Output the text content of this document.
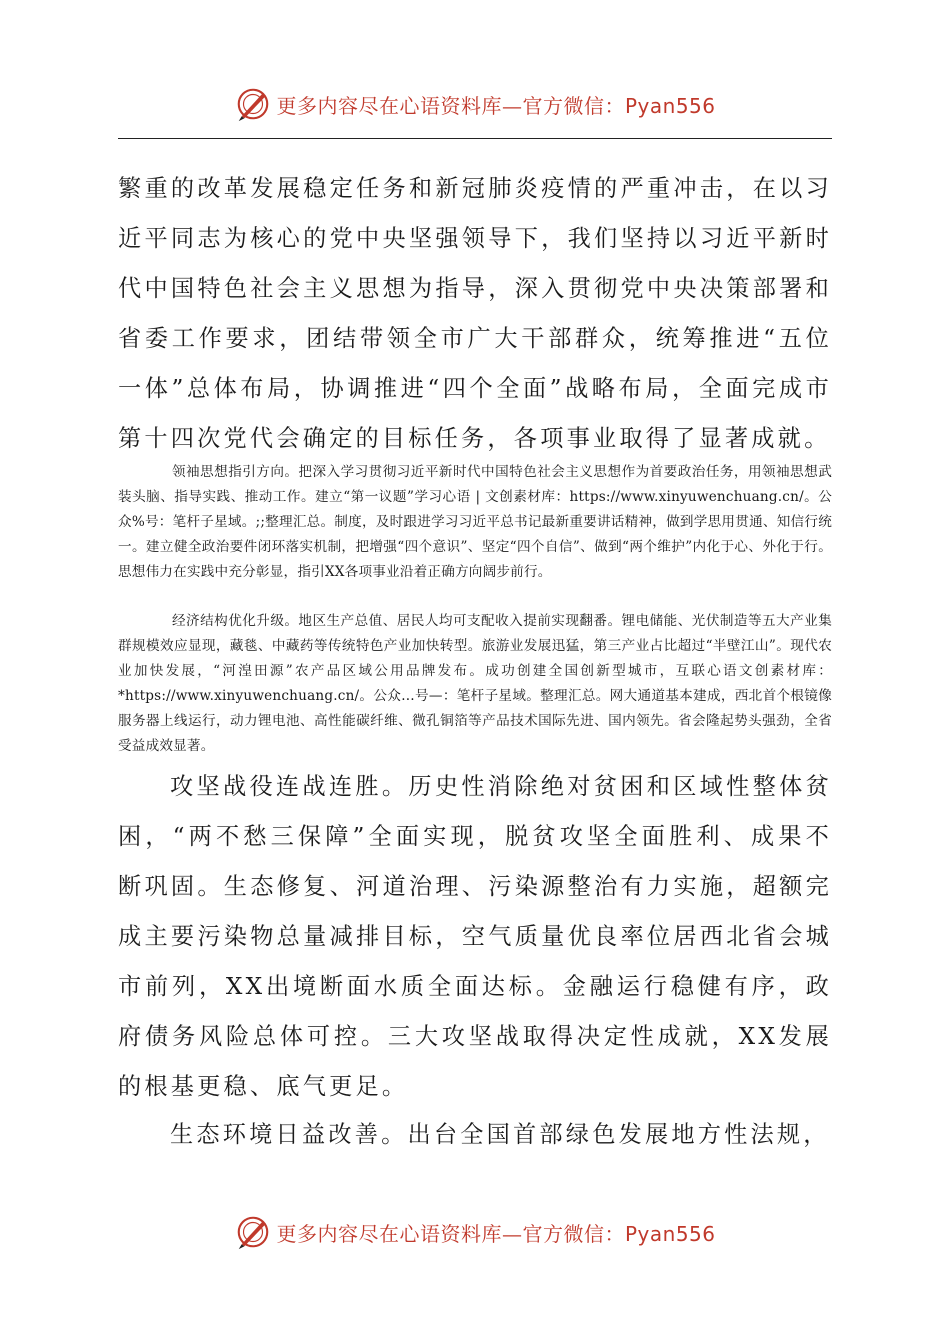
更多内容尽在心语资料库—官方微信：Pyan556

繁重的改革发展稳定任务和新冠肺炎疫情的严重冲击，在以习近平同志为核心的党中央坚强领导下，我们坚持以习近平新时代中国特色社会主义思想为指导，深入贯彻党中央决策部署和省委工作要求，团结带领全市广大干部群众，统筹推进“五位一体”总体布局，协调推进“四个全面”战略布局，全面完成市第十四次党代会确定的目标任务，各项事业取得了显著成就。

领袖思想指引方向。把深入学习贯彻习近平新时代中国特色社会主义思想作为首要政治任务，用领袖思想武装头脑、指导实践、推动工作。建立“第一议题”学习心语 | 文创素材库：https://www.xinyuwenchuang.cn/。公众%号：笔杆子星域。;;整理汇总。制度，及时跟进学习习近平总书记最新重要讲话精神，做到学思用贯通、知信行统一。建立健全政治要件闭环落实机制，把增强“四个意识”、坚定“四个自信”、做到“两个维护”内化于心、外化于行。思想伟力在实践中充分彰显，指引XX各项事业沿着正确方向阔步前行。

经济结构优化升级。地区生产总值、居民人均可支配收入提前实现翻番。锂电储能、光伏制造等五大产业集群规模效应显现，藏毯、中藏药等传统特色产业加快转型。旅游业发展迅猛，第三产业占比超过“半壁江山”。现代农业加快发展，“河湟田源”农产品区域公用品牌发布。成功创建全国创新型城市，互联心语文创素材库：*https://www.xinyuwenchuang.cn/。公众…号—：笔杆子星域。整理汇总。网大通道基本建成，西北首个根镜像服务器上线运行，动力锂电池、高性能碳纤维、微孔铜箔等产品技术国际先进、国内领先。省会隆起势头强劲，全省受益成效显著。

攻坚战役连战连胜。历史性消除绝对贫困和区域性整体贫困，“两不愁三保障”全面实现，脱贫攻坚全面胜利、成果不断巩固。生态修复、河道治理、污染源整治有力实施，超额完成主要污染物总量减排目标，空气质量优良率位居西北省会城市前列，XX出境断面水质全面达标。金融运行稳健有序，政府债务风险总体可控。三大攻坚战取得决定性成就，XX发展的根基更稳、底气更足。

生态环境日益改善。出台全国首部绿色发展地方性法规，

更多内容尽在心语资料库—官方微信：Pyan556
